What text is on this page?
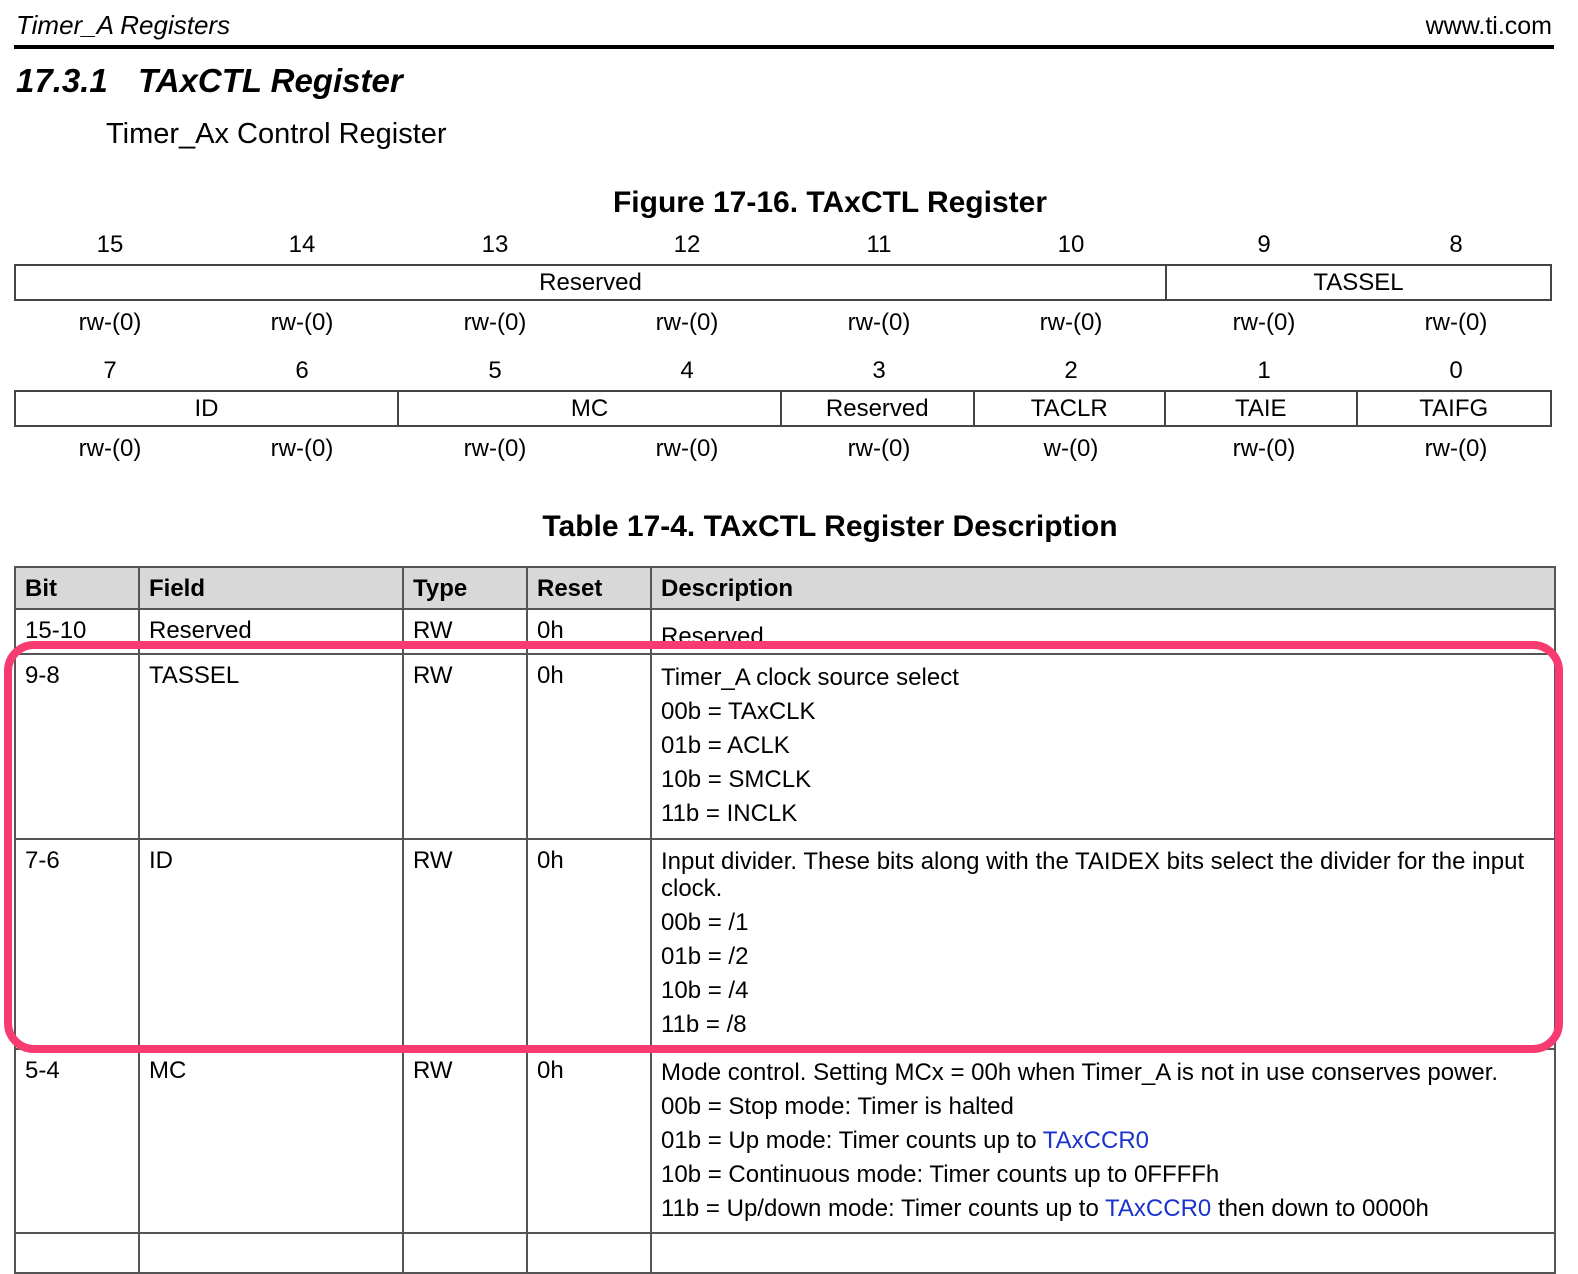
Timer_A Registers	www.ti.com
17.3.1 TAxCTL Register
Timer_Ax Control Register
Figure 17-16. TAxCTL Register
15	14	13	12	11	10	9	8
Reserved	TASSEL
rw-(0)	rw-(0)	rw-(0)	rw-(0)	rw-(0)	rw-(0)	rw-(0)	rw-(0)
7	6	5	4	3	2	1	0
ID	MC	Reserved	TACLR	TAIE	TAIFG
rw-(0)	rw-(0)	rw-(0)	rw-(0)	rw-(0)	w-(0)	rw-(0)	rw-(0)
Table 17-4. TAxCTL Register Description
Bit	Field	Type	Reset	Description
15-10	Reserved	RW	0h	Reserved

9-8	TASSEL	RW	0h	Timer_A clock source select
00b = TAxCLK
01b = ACLK
10b = SMCLK
11b = INCLK

7-6	ID	RW	0h	Input divider. These bits along with the TAIDEX bits select the divider for the input clock.
00b = /1
01b = /2
10b = /4
11b = /8

5-4	MC	RW	0h	Mode control. Setting MCx = 00h when Timer_A is not in use conserves power.
00b = Stop mode: Timer is halted
01b = Up mode: Timer counts up to TAxCCR0
10b = Continuous mode: Timer counts up to 0FFFFh
11b = Up/down mode: Timer counts up to TAxCCR0 then down to 0000h
